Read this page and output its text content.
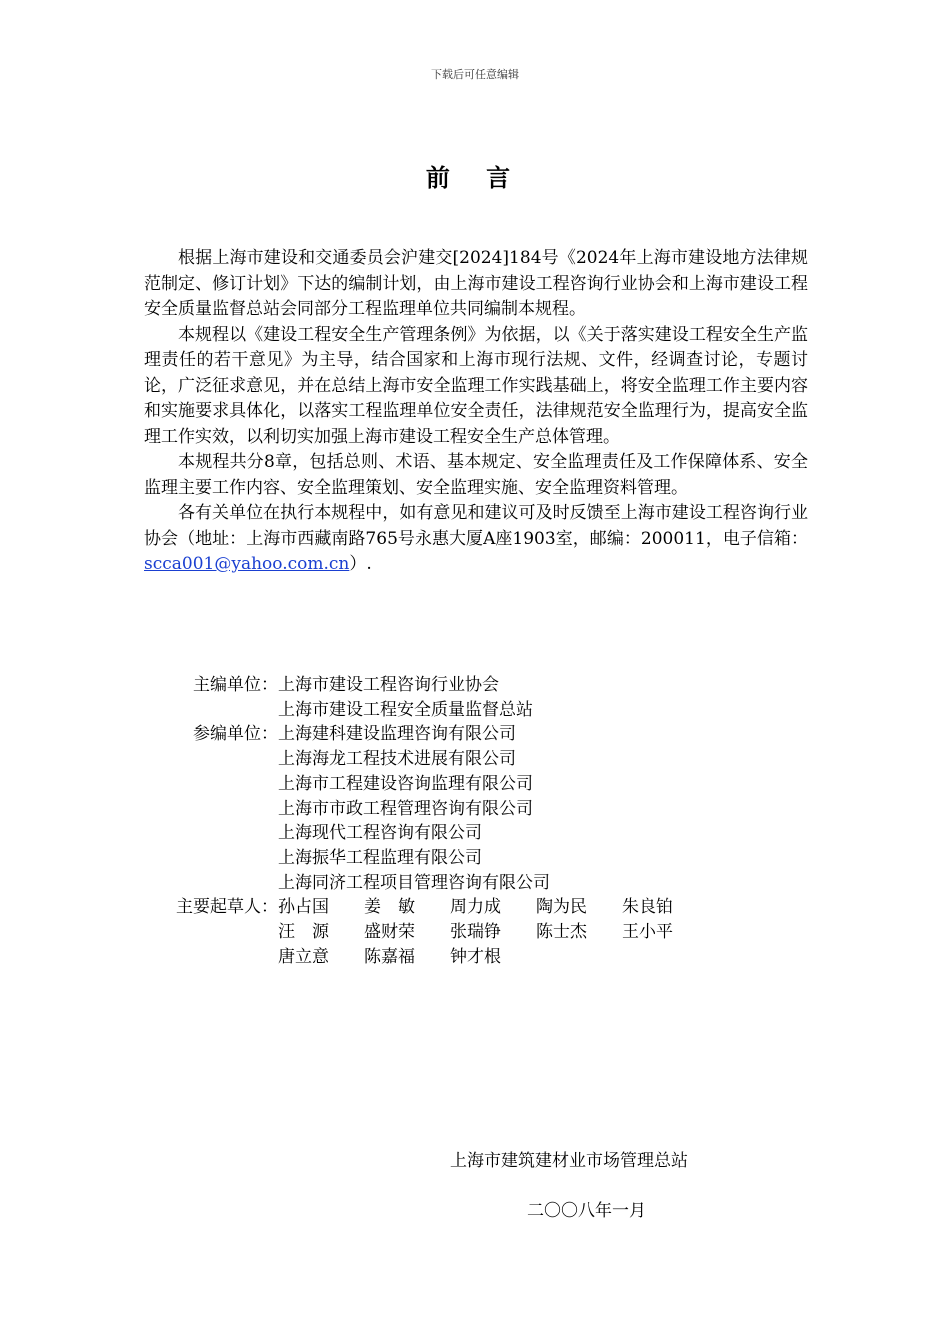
下载后可任意编辑
前 言

根据上海市建设和交通委员会沪建交[2024]184号《2024年上海市建设地方法律规范制定、修订计划》下达的编制计划，由上海市建设工程咨询行业协会和上海市建设工程安全质量监督总站会同部分工程监理单位共同编制本规程。

本规程以《建设工程安全生产管理条例》为依据，以《关于落实建设工程安全生产监理责任的若干意见》为主导，结合国家和上海市现行法规、文件，经调查讨论，专题讨论，广泛征求意见，并在总结上海市安全监理工作实践基础上，将安全监理工作主要内容和实施要求具体化，以落实工程监理单位安全责任，法律规范安全监理行为，提高安全监理工作实效，以利切实加强上海市建设工程安全生产总体管理。

本规程共分8章，包括总则、术语、基本规定、安全监理责任及工作保障体系、安全监理主要工作内容、安全监理策划、安全监理实施、安全监理资料管理。

各有关单位在执行本规程中，如有意见和建议可及时反馈至上海市建设工程咨询行业协会（地址：上海市西藏南路765号永惠大厦A座1903室，邮编：200011，电子信箱：scca001@yahoo.com.cn）.

主编单位： 上海市建设工程咨询行业协会
上海市建设工程安全质量监督总站
参编单位： 上海建科建设监理咨询有限公司
上海海龙工程技术进展有限公司
上海市工程建设咨询监理有限公司
上海市市政工程管理咨询有限公司
上海现代工程咨询有限公司
上海振华工程监理有限公司
上海同济工程项目管理咨询有限公司
主要起草人： 孙占国	姜　敏	周力成	陶为民	朱良铂
汪　源	盛财荣	张瑞铮	陈士杰	王小平
唐立意	陈嘉福	钟才根
上海市建筑建材业市场管理总站
二〇〇八年一月
